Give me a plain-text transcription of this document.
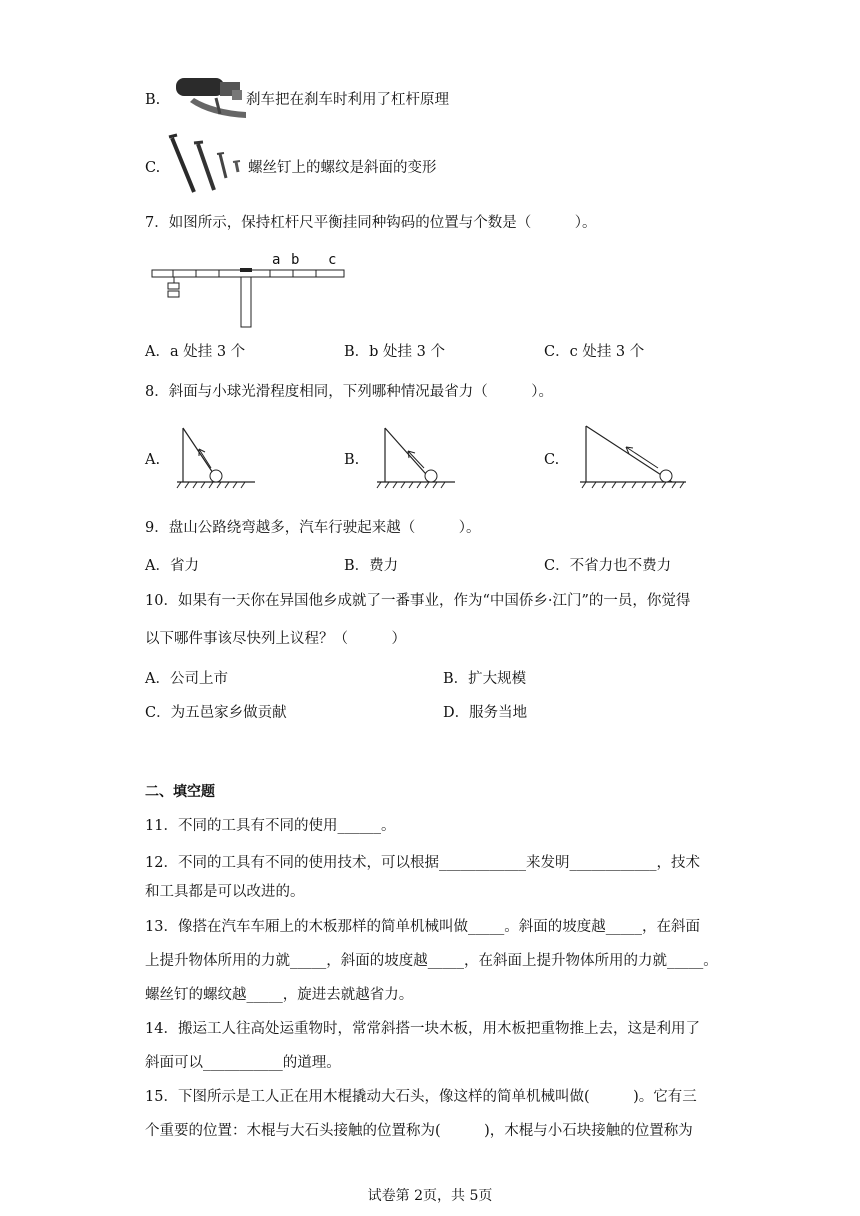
B.	刹车把在刹车时利用了杠杆原理
C.	螺丝钉上的螺纹是斜面的变形
7．如图所示，保持杠杆尺平衡挂同种钩码的位置与个数是（　　　）。
a b c
A．a 处挂 3 个	B．b 处挂 3 个	C．c 处挂 3 个
8．斜面与小球光滑程度相同，下列哪种情况最省力（　　　）。
A.	B.	C.
9．盘山公路绕弯越多，汽车行驶起来越（　　　）。
A．省力	B．费力	C．不省力也不费力
10．如果有一天你在异国他乡成就了一番事业，作为“中国侨乡·江门”的一员，你觉得
以下哪件事该尽快列上议程？（　　　）
A．公司上市	B．扩大规模
C．为五邑家乡做贡献	D．服务当地
二、填空题
11．不同的工具有不同的使用______。
12．不同的工具有不同的使用技术，可以根据____________来发明____________，技术
和工具都是可以改进的。
13．像搭在汽车车厢上的木板那样的简单机械叫做_____。斜面的坡度越_____，在斜面
上提升物体所用的力就_____，斜面的坡度越_____，在斜面上提升物体所用的力就_____。
螺丝钉的螺纹越_____，旋进去就越省力。
14．搬运工人往高处运重物时，常常斜搭一块木板，用木板把重物推上去，这是利用了
斜面可以___________的道理。
15．下图所示是工人正在用木棍撬动大石头，像这样的简单机械叫做(　　　)。它有三
个重要的位置：木棍与大石头接触的位置称为(　　　)，木棍与小石块接触的位置称为
试卷第 2页，共 5页
